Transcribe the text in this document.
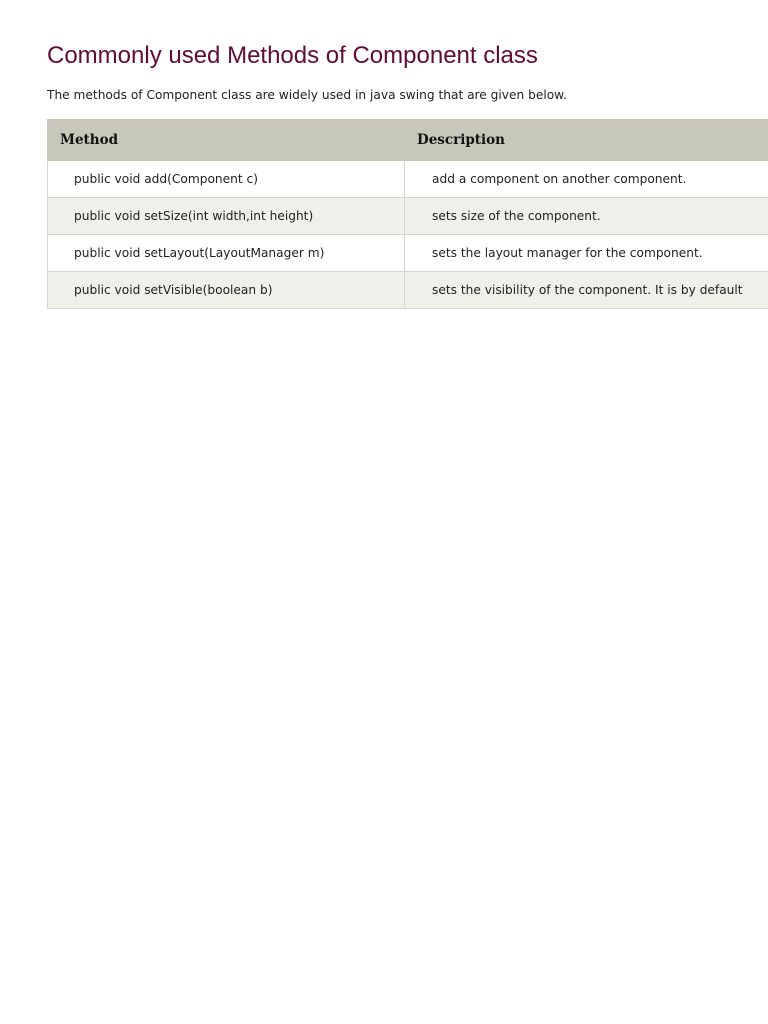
Commonly used Methods of Component class

The methods of Component class are widely used in java swing that are given below.

Method	Description
public void add(Component c)	add a component on another component.
public void setSize(int width,int height)	sets size of the component.
public void setLayout(LayoutManager m)	sets the layout manager for the component.
public void setVisible(boolean b)	sets the visibility of the component. It is by default
